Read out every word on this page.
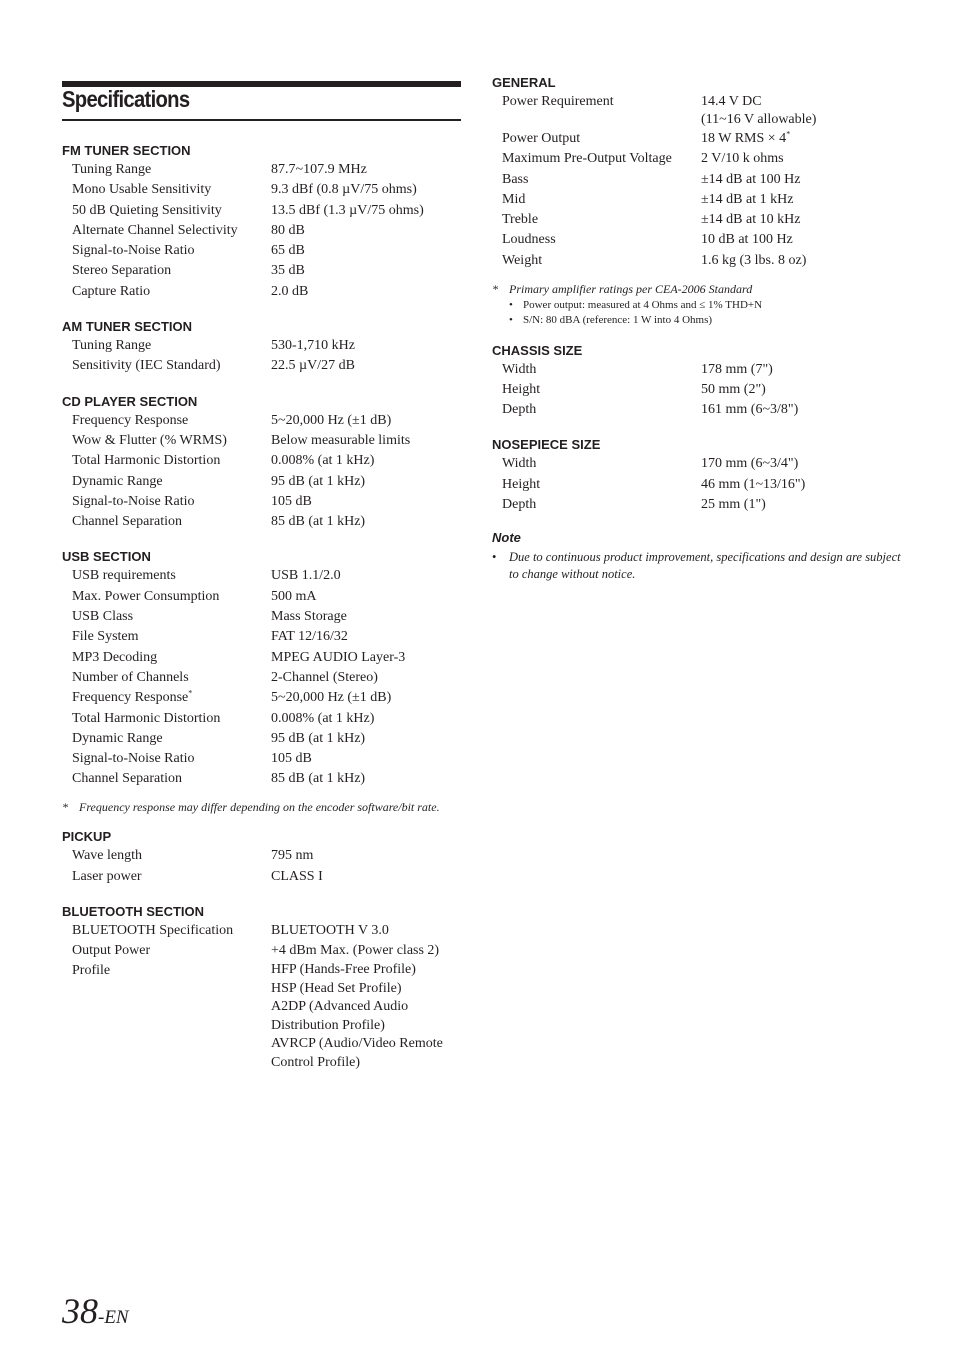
Specifications
FM TUNER SECTION
Tuning Range	87.7~107.9 MHz
Mono Usable Sensitivity	9.3 dBf (0.8 µV/75 ohms)
50 dB Quieting Sensitivity	13.5 dBf (1.3 µV/75 ohms)
Alternate Channel Selectivity	80 dB
Signal-to-Noise Ratio	65 dB
Stereo Separation	35 dB
Capture Ratio	2.0 dB
AM TUNER SECTION
Tuning Range	530-1,710 kHz
Sensitivity (IEC Standard)	22.5 µV/27 dB
CD PLAYER SECTION
Frequency Response	5~20,000 Hz (±1 dB)
Wow & Flutter (% WRMS)	Below measurable limits
Total Harmonic Distortion	0.008% (at 1 kHz)
Dynamic Range	95 dB (at 1 kHz)
Signal-to-Noise Ratio	105 dB
Channel Separation	85 dB (at 1 kHz)
USB SECTION
USB requirements	USB 1.1/2.0
Max. Power Consumption	500 mA
USB Class	Mass Storage
File System	FAT 12/16/32
MP3 Decoding	MPEG AUDIO Layer-3
Number of Channels	2-Channel (Stereo)
Frequency Response*	5~20,000 Hz (±1 dB)
Total Harmonic Distortion	0.008% (at 1 kHz)
Dynamic Range	95 dB (at 1 kHz)
Signal-to-Noise Ratio	105 dB
Channel Separation	85 dB (at 1 kHz)
* Frequency response may differ depending on the encoder software/bit rate.
PICKUP
Wave length	795 nm
Laser power	CLASS I
BLUETOOTH SECTION
BLUETOOTH Specification	BLUETOOTH V 3.0
Output Power	+4 dBm Max. (Power class 2)
Profile	HFP (Hands-Free Profile)
HSP (Head Set Profile)
A2DP (Advanced Audio
Distribution Profile)
AVRCP (Audio/Video Remote
Control Profile)
GENERAL
Power Requirement	14.4 V DC
(11~16 V allowable)
Power Output	18 W RMS × 4*
Maximum Pre-Output Voltage	2 V/10 k ohms
Bass	±14 dB at 100 Hz
Mid	±14 dB at 1 kHz
Treble	±14 dB at 10 kHz
Loudness	10 dB at 100 Hz
Weight	1.6 kg (3 lbs. 8 oz)
* Primary amplifier ratings per CEA-2006 Standard
• Power output: measured at 4 Ohms and ≤ 1% THD+N
• S/N: 80 dBA (reference: 1 W into 4 Ohms)
CHASSIS SIZE
Width	178 mm (7")
Height	50 mm (2")
Depth	161 mm (6~3/8")
NOSEPIECE SIZE
Width	170 mm (6~3/4")
Height	46 mm (1~13/16")
Depth	25 mm (1")
Note
•	Due to continuous product improvement, specifications and design are subject to change without notice.
38-EN
